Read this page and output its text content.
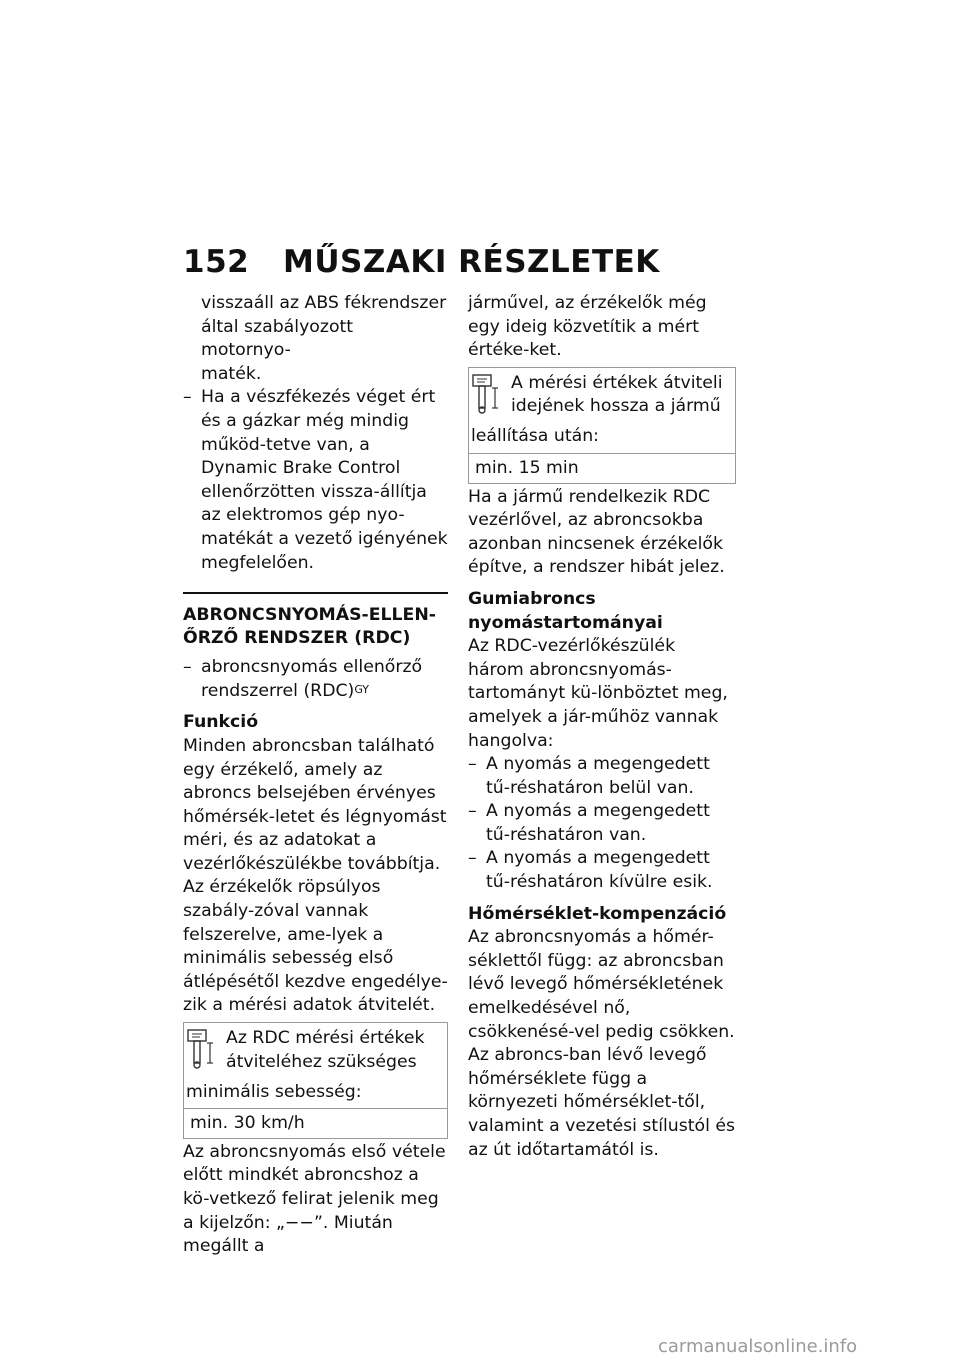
152 MŰSZAKI RÉSZLETEK

visszaáll az ABS fékrendszer

által szabályozott motornyo-

maték.

– Ha a vészfékezés véget ért és a gázkar még mindig működ-tetve van, a Dynamic Brake Control ellenőrzötten vissza-állítja az elektromos gép nyo-matékát a vezető igényének megfelelően.
ABRONCSNYOMÁS-ELLEN-ŐRZŐ RENDSZER (RDC)
– abroncsnyomás ellenőrző rendszerrel (RDC)$^{GY}$
Funkció

Minden abroncsban található egy érzékelő, amely az abroncs belsejében érvényes hőmérsék-letet és légnyomást méri, és az adatokat a vezérlőkészülékbe továbbítja.

Az érzékelők röpsúlyos szabály-zóval vannak felszerelve, ame-lyek a minimális sebesség első átlépésétől kezdve engedélye-zik a mérési adatok átvitelét.

Az RDC mérési értékek átviteléhez szükséges
minimális sebesség:
min. 30 km/h

Az abroncsnyomás első vétele előtt mindkét abroncshoz a kö-vetkező felirat jelenik meg a kijelzőn: „−−”. Miután megállt a

járművel, az érzékelők még egy ideig közvetítik a mért értéke-ket.

A mérési értékek átviteli idejének hossza a jármű
leállítása után:
min. 15 min

Ha a jármű rendelkezik RDC vezérlővel, az abroncsokba azonban nincsenek érzékelők építve, a rendszer hibát jelez.

Gumiabroncs nyomástartományai

Az RDC-vezérlőkészülék három abroncsnyomás-tartományt kü-lönböztet meg, amelyek a jár-műhöz vannak hangolva:

– A nyomás a megengedett tű-réshatáron belül van.
– A nyomás a megengedett tű-réshatáron van.
– A nyomás a megengedett tű-réshatáron kívülre esik.
Hőmérséklet-kompenzáció

Az abroncsnyomás a hőmér-séklettől függ: az abroncsban lévő levegő hőmérsékletének emelkedésével nő, csökkenésé-vel pedig csökken. Az abroncs-ban lévő levegő hőmérséklete függ a környezeti hőmérséklet-től, valamint a vezetési stílustól és az út időtartamától is.

carmanualsonline.info
